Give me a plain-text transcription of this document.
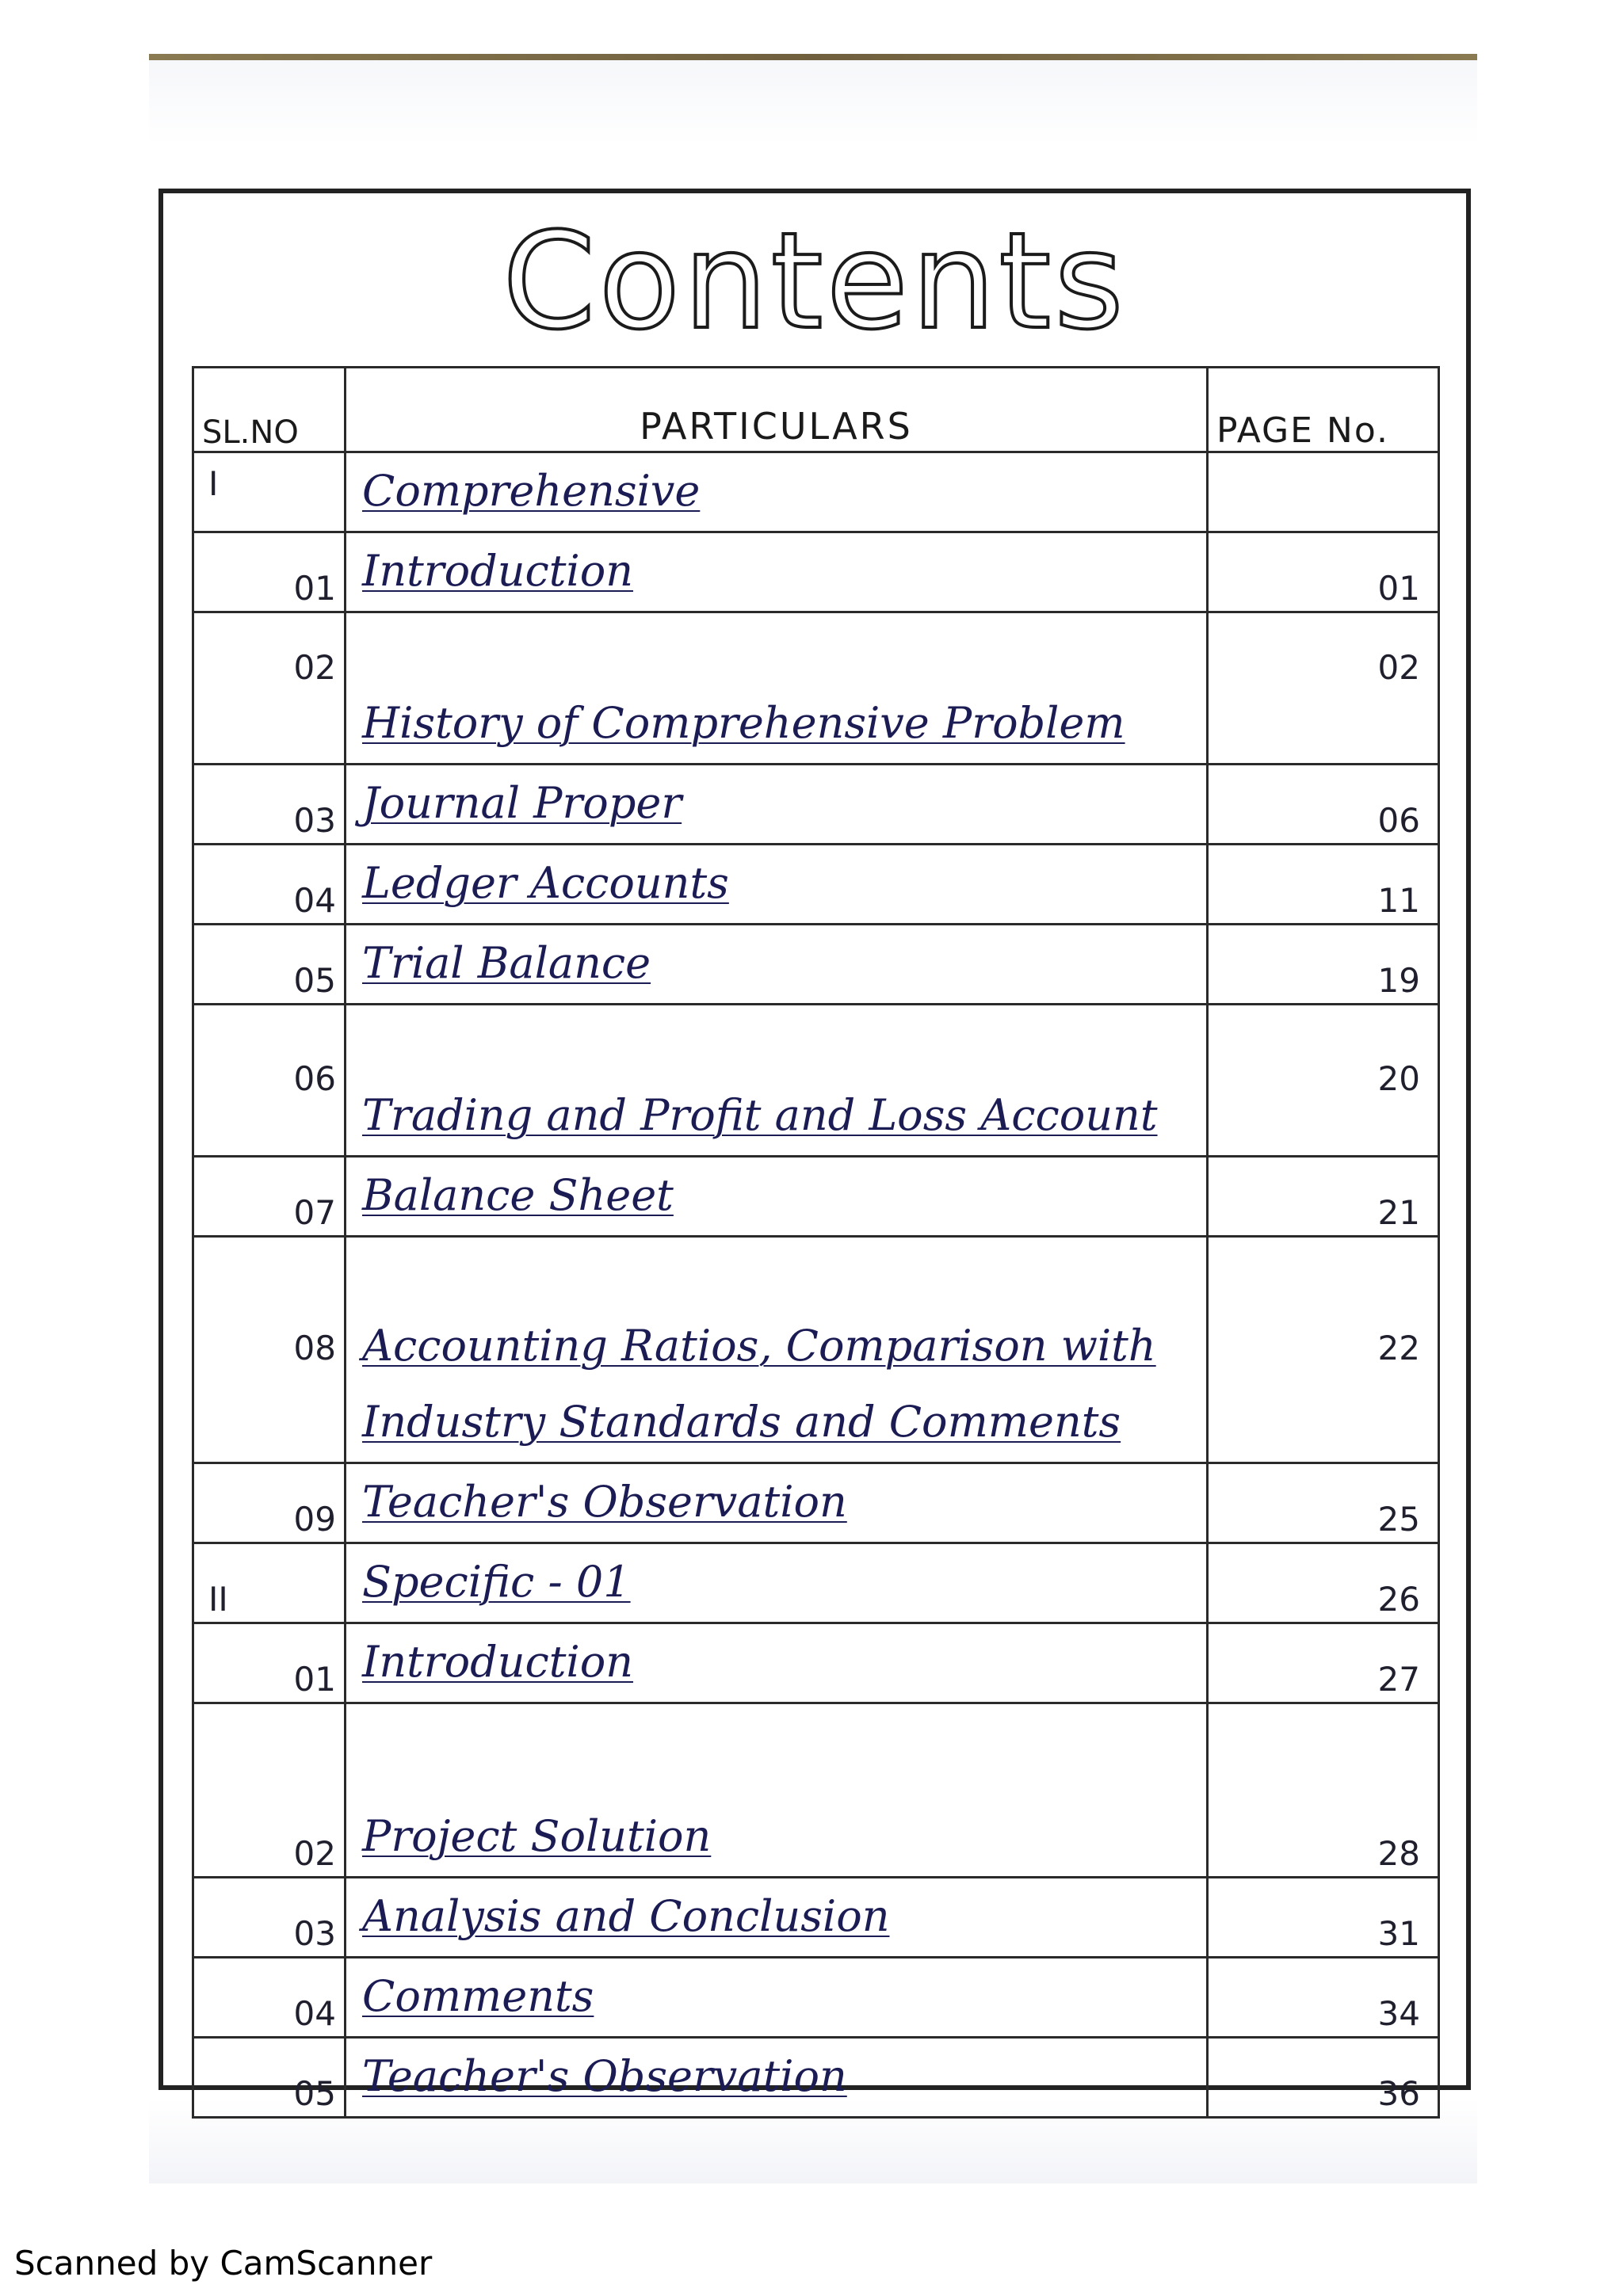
Contents
SL.NO	PARTICULARS	PAGE No.
I	Comprehensive	
01	Introduction	01
02	History of Comprehensive Problem	02
03	Journal Proper	06
04	Ledger Accounts	11
05	Trial Balance	19
06	Trading and Profit and Loss Account	20
07	Balance Sheet	21
08	Accounting Ratios, Comparison with Industry Standards and Comments	22
09	Teacher's Observation	25
II	Specific - 01	26
01	Introduction	27
02	Project Solution	28
03	Analysis and Conclusion	31
04	Comments	34
05	Teacher's Observation	36
Scanned by CamScanner
